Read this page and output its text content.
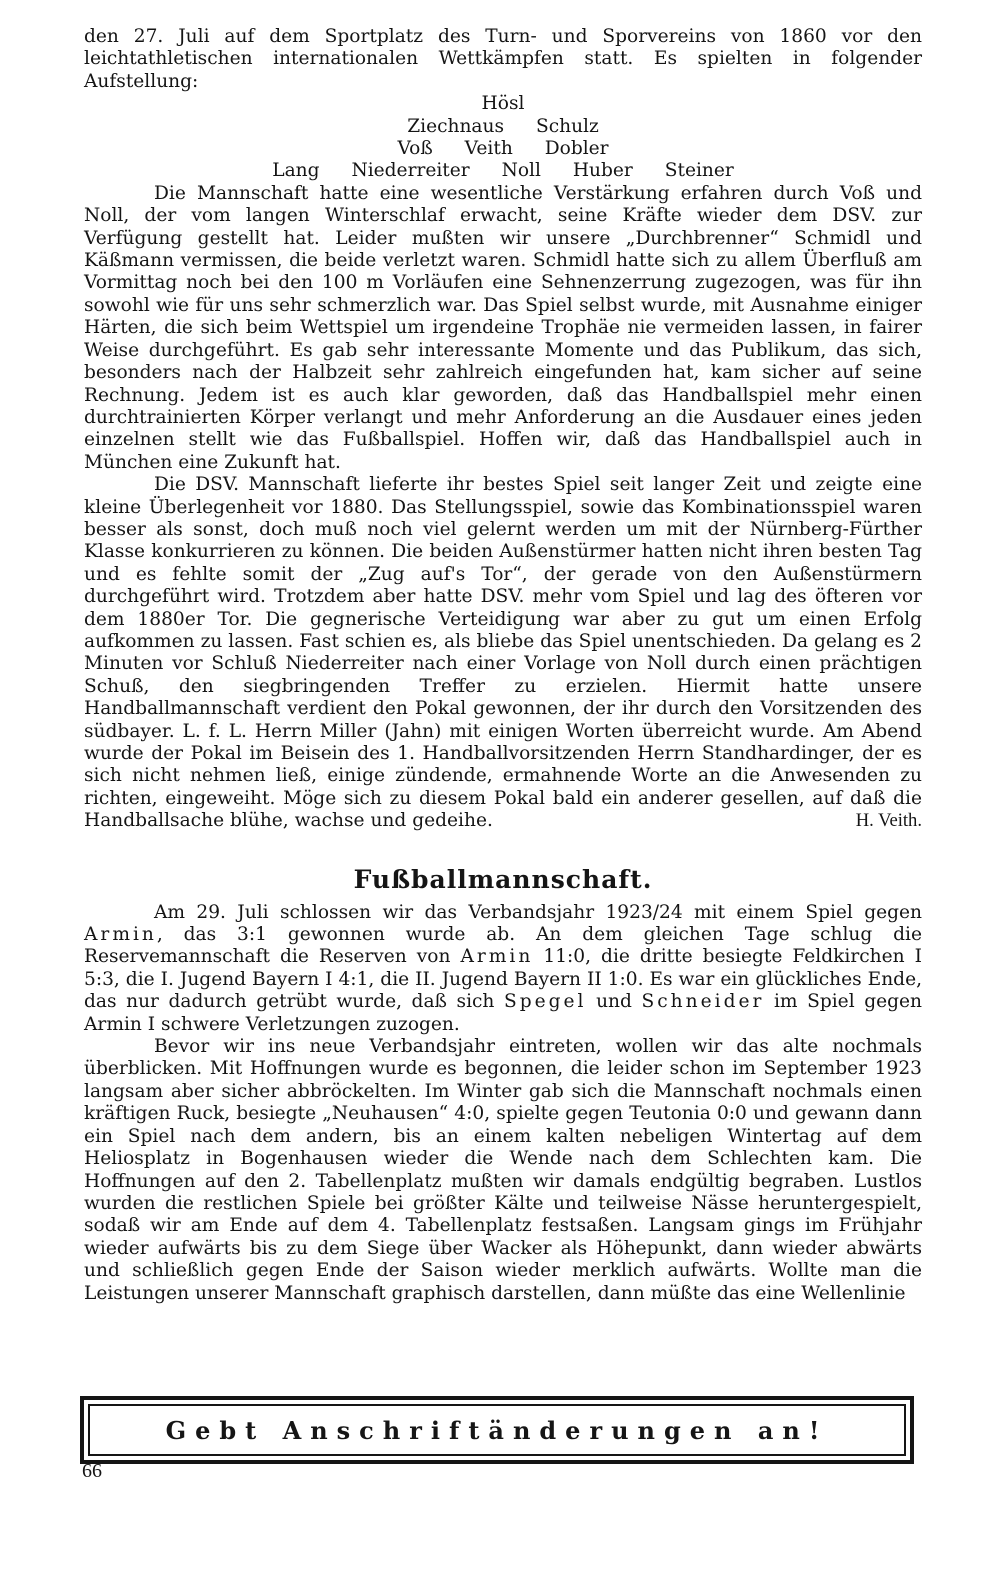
den 27. Juli auf dem Sportplatz des Turn- und Sporvereins von 1860 vor den leichtathletischen internationalen Wettkämpfen statt. Es spielten in folgender Aufstellung:

Hösl
Ziechnaus Schulz
Voß Veith Dobler
Lang Niederreiter Noll Huber Steiner

Die Mannschaft hatte eine wesentliche Verstärkung erfahren durch Voß und Noll, der vom langen Winterschlaf erwacht, seine Kräfte wieder dem DSV. zur Verfügung gestellt hat. Leider mußten wir unsere „Durchbrenner“ Schmidl und Käßmann vermissen, die beide verletzt waren. Schmidl hatte sich zu allem Überfluß am Vormittag noch bei den 100 m Vorläufen eine Sehnenzerrung zugezogen, was für ihn sowohl wie für uns sehr schmerzlich war. Das Spiel selbst wurde, mit Ausnahme einiger Härten, die sich beim Wettspiel um irgendeine Trophäe nie vermeiden lassen, in fairer Weise durchgeführt. Es gab sehr interessante Momente und das Publikum, das sich, besonders nach der Halbzeit sehr zahlreich eingefunden hat, kam sicher auf seine Rechnung. Jedem ist es auch klar geworden, daß das Handballspiel mehr einen durchtrainierten Körper verlangt und mehr Anforderung an die Ausdauer eines jeden einzelnen stellt wie das Fußballspiel. Hoffen wir, daß das Handballspiel auch in München eine Zukunft hat.

Die DSV. Mannschaft lieferte ihr bestes Spiel seit langer Zeit und zeigte eine kleine Überlegenheit vor 1880. Das Stellungsspiel, sowie das Kombinationsspiel waren besser als sonst, doch muß noch viel gelernt werden um mit der Nürnberg-Fürther Klasse konkurrieren zu können. Die beiden Außenstürmer hatten nicht ihren besten Tag und es fehlte somit der „Zug auf's Tor“, der gerade von den Außenstürmern durchgeführt wird. Trotzdem aber hatte DSV. mehr vom Spiel und lag des öfteren vor dem 1880er Tor. Die gegnerische Verteidigung war aber zu gut um einen Erfolg aufkommen zu lassen. Fast schien es, als bliebe das Spiel unentschieden. Da gelang es 2 Minuten vor Schluß Niederreiter nach einer Vorlage von Noll durch einen prächtigen Schuß, den siegbringenden Treffer zu erzielen. Hiermit hatte unsere Handballmannschaft verdient den Pokal gewonnen, der ihr durch den Vorsitzenden des südbayer. L. f. L. Herrn Miller (Jahn) mit einigen Worten überreicht wurde. Am Abend wurde der Pokal im Beisein des 1. Handballvorsitzenden Herrn Standhardinger, der es sich nicht nehmen ließ, einige zündende, ermahnende Worte an die Anwesenden zu richten, eingeweiht. Möge sich zu diesem Pokal bald ein anderer gesellen, auf daß die Handballsache blühe, wachse und gedeihe.	H. Veith.

Fußballmannschaft.

Am 29. Juli schlossen wir das Verbandsjahr 1923/24 mit einem Spiel gegen Armin, das 3:1 gewonnen wurde ab. An dem gleichen Tage schlug die Reservemannschaft die Reserven von Armin 11:0, die dritte besiegte Feldkirchen I 5:3, die I. Jugend Bayern I 4:1, die II. Jugend Bayern II 1:0. Es war ein glückliches Ende, das nur dadurch getrübt wurde, daß sich Spegel und Schneider im Spiel gegen Armin I schwere Verletzungen zuzogen.

Bevor wir ins neue Verbandsjahr eintreten, wollen wir das alte nochmals überblicken. Mit Hoffnungen wurde es begonnen, die leider schon im September 1923 langsam aber sicher abbröckelten. Im Winter gab sich die Mannschaft nochmals einen kräftigen Ruck, besiegte „Neuhausen“ 4:0, spielte gegen Teutonia 0:0 und gewann dann ein Spiel nach dem andern, bis an einem kalten nebeligen Wintertag auf dem Heliosplatz in Bogenhausen wieder die Wende nach dem Schlechten kam. Die Hoffnungen auf den 2. Tabellenplatz mußten wir damals endgültig begraben. Lustlos wurden die restlichen Spiele bei größter Kälte und teilweise Nässe heruntergespielt, sodaß wir am Ende auf dem 4. Tabellenplatz festsaßen. Langsam gings im Frühjahr wieder aufwärts bis zu dem Siege über Wacker als Höhepunkt, dann wieder abwärts und schließlich gegen Ende der Saison wieder merklich aufwärts. Wollte man die Leistungen unserer Mannschaft graphisch darstellen, dann müßte das eine Wellenlinie

Gebt Anschriftänderungen an!
66
